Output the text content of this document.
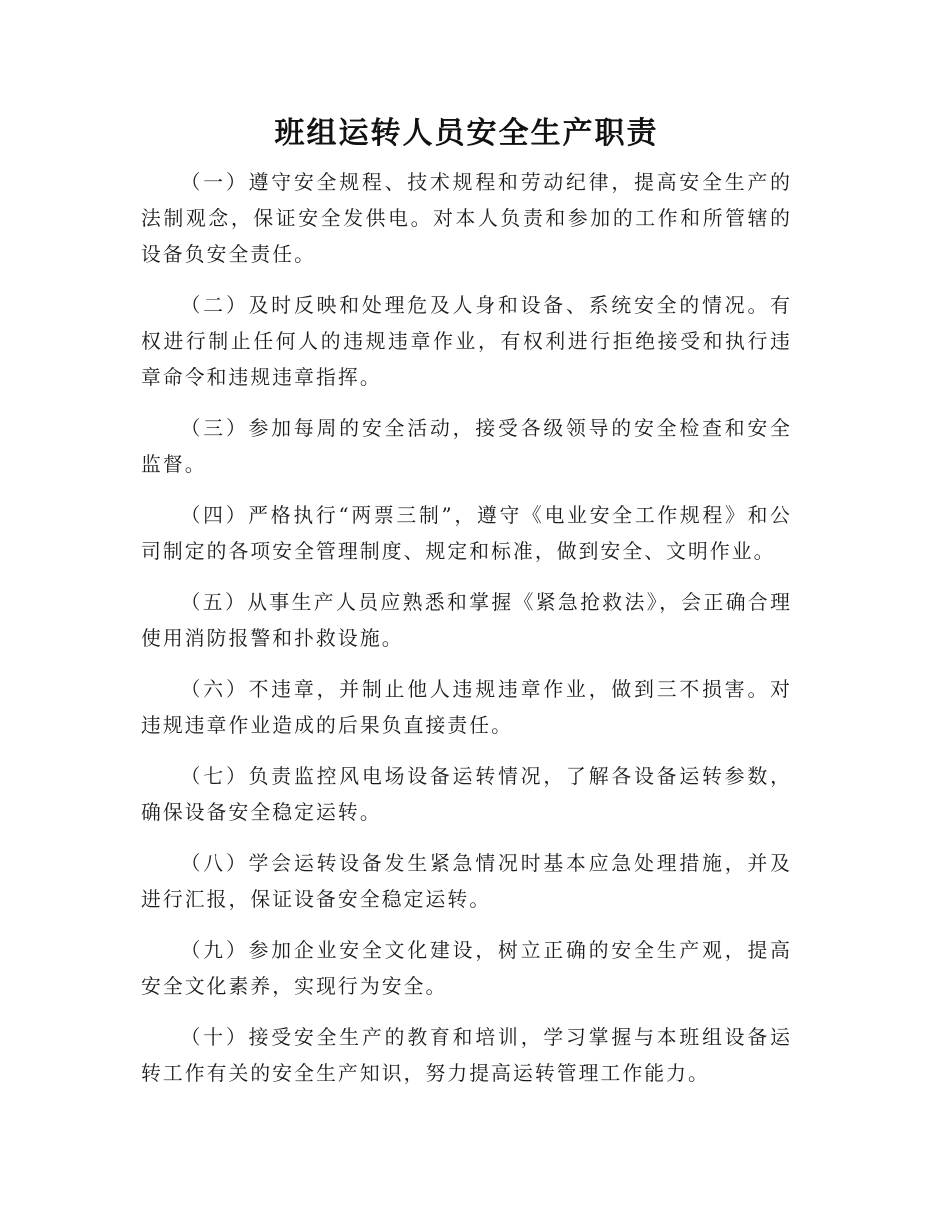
班组运转人员安全生产职责

（一）遵守安全规程、技术规程和劳动纪律，提高安全生产的法制观念，保证安全发供电。对本人负责和参加的工作和所管辖的设备负安全责任。

（二）及时反映和处理危及人身和设备、系统安全的情况。有权进行制止任何人的违规违章作业，有权利进行拒绝接受和执行违章命令和违规违章指挥。

（三）参加每周的安全活动，接受各级领导的安全检查和安全监督。

（四）严格执行“两票三制”，遵守《电业安全工作规程》和公司制定的各项安全管理制度、规定和标准，做到安全、文明作业。

（五）从事生产人员应熟悉和掌握《紧急抢救法》，会正确合理使用消防报警和扑救设施。

（六）不违章，并制止他人违规违章作业，做到三不损害。对违规违章作业造成的后果负直接责任。

（七）负责监控风电场设备运转情况，了解各设备运转参数，确保设备安全稳定运转。

（八）学会运转设备发生紧急情况时基本应急处理措施，并及进行汇报，保证设备安全稳定运转。

（九）参加企业安全文化建设，树立正确的安全生产观，提高安全文化素养，实现行为安全。

（十）接受安全生产的教育和培训，学习掌握与本班组设备运转工作有关的安全生产知识，努力提高运转管理工作能力。
